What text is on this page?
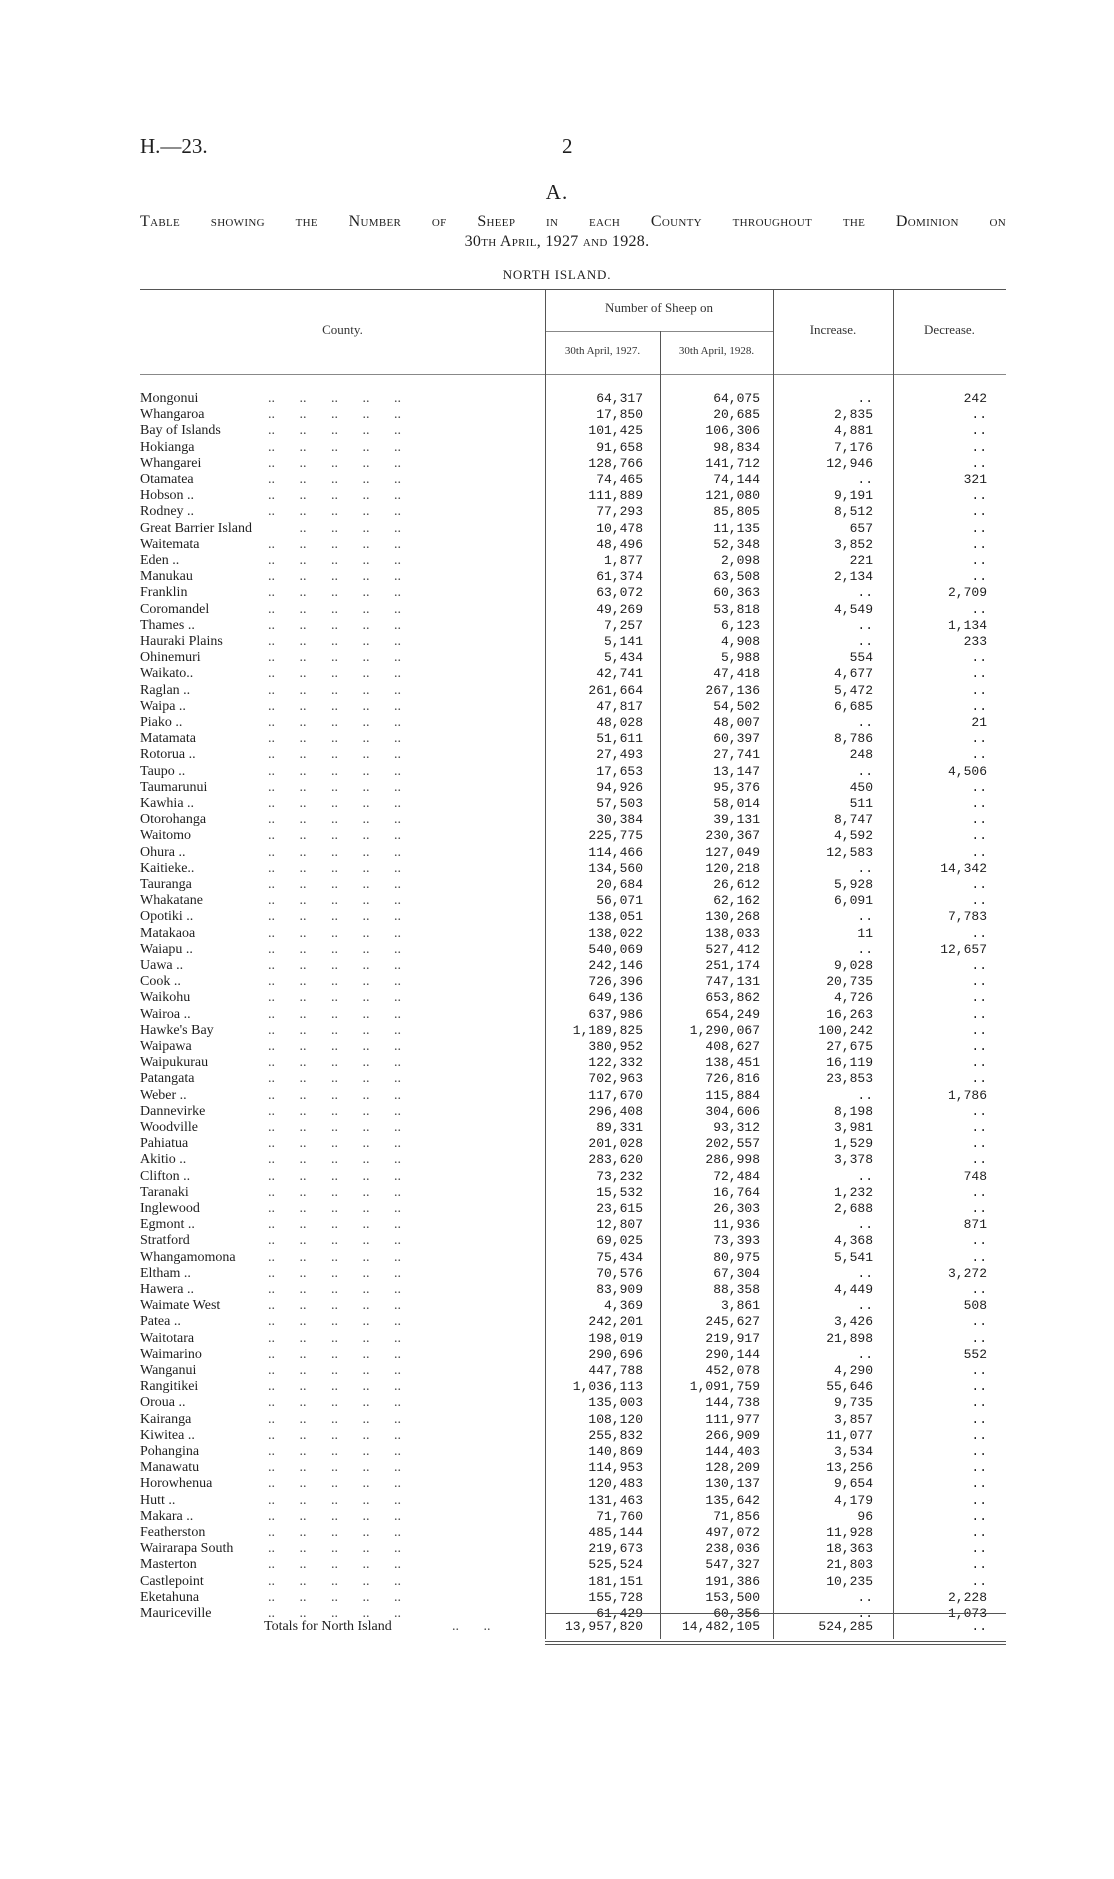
H.—23.	2
A.
Table showing the Number of Sheep in each County throughout the Dominion on
30th April, 1927 and 1928.
NORTH ISLAND.
County.
Number of Sheep on
30th April, 1927.	30th April, 1928.
Increase.	Decrease.
Mongonui	..       ..       ..       ..       ..	64,317	64,075	..	242
Whangaroa	..       ..       ..       ..       ..	17,850	20,685	2,835	..
Bay of Islands	..       ..       ..       ..       ..	101,425	106,306	4,881	..
Hokianga	..       ..       ..       ..       ..	91,658	98,834	7,176	..
Whangarei	..       ..       ..       ..       ..	128,766	141,712	12,946	..
Otamatea	..       ..       ..       ..       ..	74,465	74,144	..	321
Hobson ..	..       ..       ..       ..       ..	111,889	121,080	9,191	..
Rodney ..	..       ..       ..       ..       ..	77,293	85,805	8,512	..
Great Barrier Island ..       ..       ..       ..	10,478	11,135	657	..
Waitemata	..       ..       ..       ..       ..	48,496	52,348	3,852	..
Eden ..	..       ..       ..       ..       ..	1,877	2,098	221	..
Manukau	..       ..       ..       ..       ..	61,374	63,508	2,134	..
Franklin	..       ..       ..       ..       ..	63,072	60,363	..	2,709
Coromandel	..       ..       ..       ..       ..	49,269	53,818	4,549	..
Thames ..	..       ..       ..       ..       ..	7,257	6,123	..	1,134
Hauraki Plains	..       ..       ..       ..       ..	5,141	4,908	..	233
Ohinemuri	..       ..       ..       ..       ..	5,434	5,988	554	..
Waikato..	..       ..       ..       ..       ..	42,741	47,418	4,677	..
Raglan ..	..       ..       ..       ..       ..	261,664	267,136	5,472	..
Waipa ..	..       ..       ..       ..       ..	47,817	54,502	6,685	..
Piako ..	..       ..       ..       ..       ..	48,028	48,007	..	21
Matamata	..       ..       ..       ..       ..	51,611	60,397	8,786	..
Rotorua ..	..       ..       ..       ..       ..	27,493	27,741	248	..
Taupo ..	..       ..       ..       ..       ..	17,653	13,147	..	4,506
Taumarunui	..       ..       ..       ..       ..	94,926	95,376	450	..
Kawhia ..	..       ..       ..       ..       ..	57,503	58,014	511	..
Otorohanga	..       ..       ..       ..       ..	30,384	39,131	8,747	..
Waitomo	..       ..       ..       ..       ..	225,775	230,367	4,592	..
Ohura ..	..       ..       ..       ..       ..	114,466	127,049	12,583	..
Kaitieke..	..       ..       ..       ..       ..	134,560	120,218	..	14,342
Tauranga	..       ..       ..       ..       ..	20,684	26,612	5,928	..
Whakatane	..       ..       ..       ..       ..	56,071	62,162	6,091	..
Opotiki ..	..       ..       ..       ..       ..	138,051	130,268	..	7,783
Matakaoa	..       ..       ..       ..       ..	138,022	138,033	11	..
Waiapu ..	..       ..       ..       ..       ..	540,069	527,412	..	12,657
Uawa ..	..       ..       ..       ..       ..	242,146	251,174	9,028	..
Cook ..	..       ..       ..       ..       ..	726,396	747,131	20,735	..
Waikohu	..       ..       ..       ..       ..	649,136	653,862	4,726	..
Wairoa ..	..       ..       ..       ..       ..	637,986	654,249	16,263	..
Hawke's Bay	..       ..       ..       ..       ..	1,189,825	1,290,067	100,242	..
Waipawa	..       ..       ..       ..       ..	380,952	408,627	27,675	..
Waipukurau	..       ..       ..       ..       ..	122,332	138,451	16,119	..
Patangata	..       ..       ..       ..       ..	702,963	726,816	23,853	..
Weber ..	..       ..       ..       ..       ..	117,670	115,884	..	1,786
Dannevirke	..       ..       ..       ..       ..	296,408	304,606	8,198	..
Woodville	..       ..       ..       ..       ..	89,331	93,312	3,981	..
Pahiatua	..       ..       ..       ..       ..	201,028	202,557	1,529	..
Akitio ..	..       ..       ..       ..       ..	283,620	286,998	3,378	..
Clifton ..	..       ..       ..       ..       ..	73,232	72,484	..	748
Taranaki	..       ..       ..       ..       ..	15,532	16,764	1,232	..
Inglewood	..       ..       ..       ..       ..	23,615	26,303	2,688	..
Egmont ..	..       ..       ..       ..       ..	12,807	11,936	..	871
Stratford	..       ..       ..       ..       ..	69,025	73,393	4,368	..
Whangamomona ..       ..       ..       ..       ..	75,434	80,975	5,541	..
Eltham ..	..       ..       ..       ..       ..	70,576	67,304	..	3,272
Hawera ..	..       ..       ..       ..       ..	83,909	88,358	4,449	..
Waimate West	..       ..       ..       ..       ..	4,369	3,861	..	508
Patea ..	..       ..       ..       ..       ..	242,201	245,627	3,426	..
Waitotara	..       ..       ..       ..       ..	198,019	219,917	21,898	..
Waimarino	..       ..       ..       ..       ..	290,696	290,144	..	552
Wanganui	..       ..       ..       ..       ..	447,788	452,078	4,290	..
Rangitikei	..       ..       ..       ..       ..	1,036,113	1,091,759	55,646	..
Oroua ..	..       ..       ..       ..       ..	135,003	144,738	9,735	..
Kairanga	..       ..       ..       ..       ..	108,120	111,977	3,857	..
Kiwitea ..	..       ..       ..       ..       ..	255,832	266,909	11,077	..
Pohangina	..       ..       ..       ..       ..	140,869	144,403	3,534	..
Manawatu	..       ..       ..       ..       ..	114,953	128,209	13,256	..
Horowhenua	..       ..       ..       ..       ..	120,483	130,137	9,654	..
Hutt ..	..       ..       ..       ..       ..	131,463	135,642	4,179	..
Makara ..	..       ..       ..       ..       ..	71,760	71,856	96	..
Featherston	..       ..       ..       ..       ..	485,144	497,072	11,928	..
Wairarapa South ..       ..       ..       ..       ..	219,673	238,036	18,363	..
Masterton	..       ..       ..       ..       ..	525,524	547,327	21,803	..
Castlepoint	..       ..       ..       ..       ..	181,151	191,386	10,235	..
Eketahuna	..       ..       ..       ..       ..	155,728	153,500	..	2,228
Mauriceville	..       ..       ..       ..       ..	61,429	60,356	..	1,073
Totals for North Island	..       ..	13,957,820	14,482,105	524,285	..
